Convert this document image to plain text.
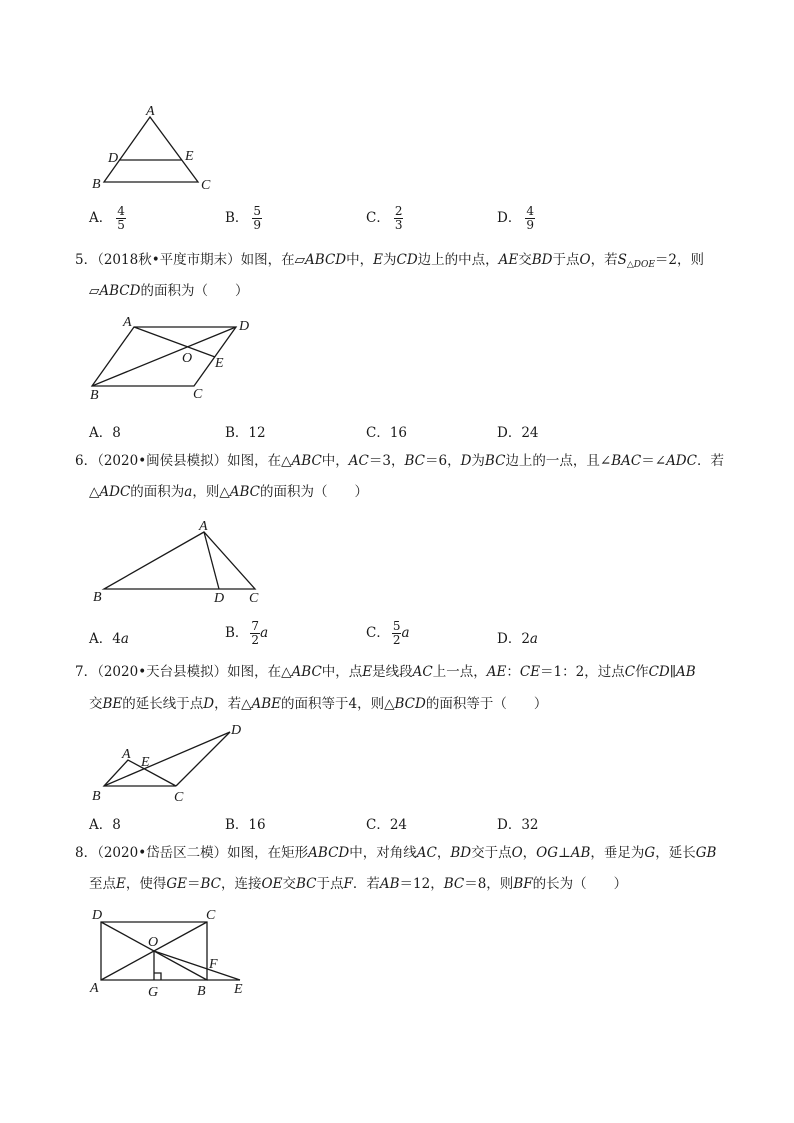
A
D	E
B	C
A． $\frac{4}{5}$	B． $\frac{5}{9}$	C． $\frac{2}{3}$	D． $\frac{4}{9}$
5．（2018秋•平度市期末）如图，在▱ABCD中，E为CD边上的中点，AE交BD于点O，若$S_{\triangle DOE}=2$，则
▱ABCD的面积为（　　）
A	D
O E
B	C
A．8	B．12	C．16	D．24
6．（2020•闽侯县模拟）如图，在△ABC中，AC＝3，BC＝6，D为BC边上的一点，且∠BAC＝∠ADC．若
△ADC的面积为a，则△ABC的面积为（　　）
A
B	D C
A．4a	B． $\frac{7}{2}$ a	C． $\frac{5}{2}$ a	D．2a
7．（2020•天台县模拟）如图，在△ABC中，点E是线段AC上一点，AE：CE＝1：2，过点C作CD∥AB
交BE的延长线于点D，若△ABE的面积等于4，则△BCD的面积等于（　　）
A
E
D
B	C
A．8	B．16	C．24	D．32
8．（2020•岱岳区二模）如图，在矩形ABCD中，对角线AC，BD交于点O，OG⊥AB，垂足为G，延长GB
至点E，使得GE＝BC，连接OE交BC于点F．若AB＝12，BC＝8，则BF的长为（　　）
D	C
O
F
A	G	B E
